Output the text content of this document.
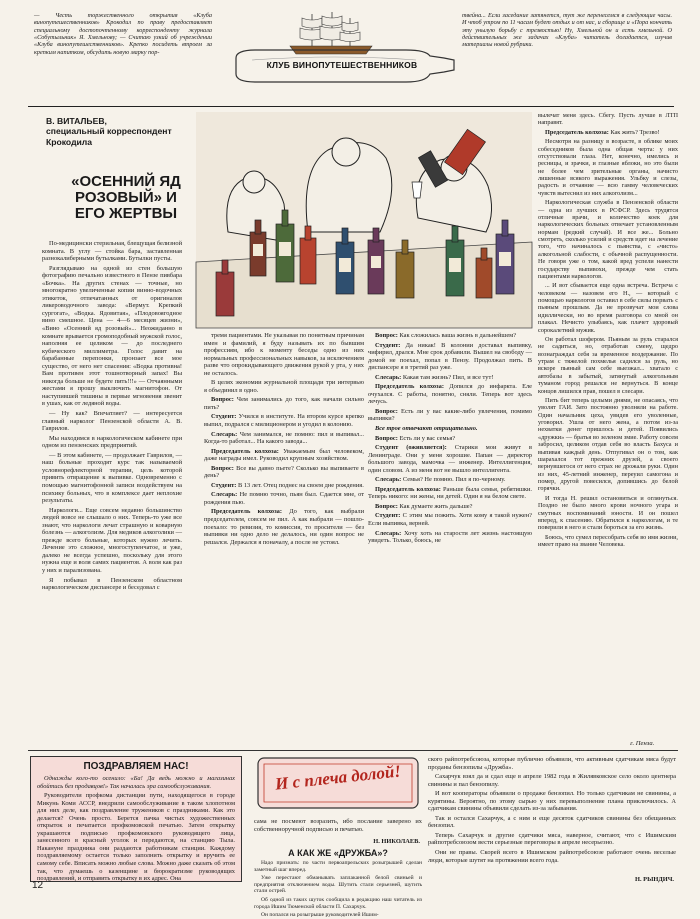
— Честь торжественного открытия «Клуба винопутешественников» Крокодил по праву предоставляет специальному достопочтенному корреспонденту журнала «Собутыльник» Я. Хмельнову; — Считаю узкий об учреждении «Клуба винопутешественников». Крепко посидеть втроем за крепким напитком, обсудить новую марку пор-
КЛУБ ВИНОПУТЕШЕСТВЕННИКОВ
твейна... Если заседание затянется, тут же перенесемся в следующие часы. И чтоб утром по 11 часам будет отдых и от нас, и сборище и «Пора кончать эту унылую борьбу с трезвостью! Ну, Хмельной он и есть хмельной. О действительных же задачах «Клуба» читатель догадается, изучив материалы новой рубрики.
В. ВИТАЛЬЕВ,
специальный корреспондент Крокодила
«ОСЕННИЙ ЯД РОЗОВЫЙ» И ЕГО ЖЕРТВЫ

По-медицински стерильная, блещущая белизной комната. В углу — стойка бара, заставленная разнокалиберными бутылками. Бутылки пусты.

Разглядываю на одной из стен большую фотографию печально известного в Пензе пивбара «Бочка». На других стенах — точные, но многократно увеличенные копии винно-водочных этикеток, отпечатанных от оригиналов ликероводочного завода: «Вермут. Крепкий сургогат», «Водка. Ядовитая», «Плодовоягодное вино смешное. Цена — 4—6 месяцев жизни», «Вино «Осенний яд розовый»... Неожиданно в комнате врывается громоподобный мужской голос, наполняя ее целиком — до последнего кубического миллиметра. Голос давит на барабанные перепонки, пронзает все мое существо, от него нет спасения: «Водка противна! Вам противен этот тошнотворный запах! Вы никогда больше не будете пить!!!» — Отчаянными жестами я прошу выключить магнитофон. От наступившей тишины в первые мгновения звенит в ушах, как от ледяной воды.

— Ну как? Впечатляет? — интересуется главный нарколог Пензенской области А. В. Гаврилов.

Мы находимся в наркологическом кабинете при одном из пензенских предприятий.

— В этом кабинете, — продолжает Гаврилов, — наш больные проходят курс так называемой условнорефлекторной терапии, цель которой привить отвращение к выпивке. Одновременно с помощью магнитофонной записи воздействуем на психику больных, что в комплексе дает неплохие результаты.

Наркологи... Еще совсем недавно большинство людей вовсе не слышало о них. Теперь-то уже все знают, что наркологи лечат страшную и коварную болезнь — алкоголизм. Для медиков алкоголики — прежде всего больные, которых нужно лечить. Лечение это сложное, многоступенчатое, и уже, далеко не всегда успешно, поскольку для этого нужна еще и воля самих пациентов. А воля как раз у них и парализована.

Я побывал в Пензенском областном наркологическом диспансере и беседовал с

тремя пациентами. Не указывая по понятным причинам имен и фамилий, я буду называть их по бывшим профессиям, ибо к моменту беседы одно из них нормальных профессиональных навыков, за исключением разве что опрокидывающего движения рукой у рта, у них не осталось.

В целях экономии журнальной площади три интервью я объединил в одно.

Вопрос: Чем занимались до того, как начали сильно пить?

Студент: Учился в институте. На втором курсе крепко выпил, подрался с милиционером и угодил в колонию.

Слесарь: Чем занимался, не помню: пил и выпивал... Когда-то работал... На какого завода...

Председатель колхоза: Уважаемым был человеком, даже награды имел. Руководил крупным хозяйством.

Вопрос: Все вы давно пьете? Сколько вы выпиваете в день?

Студент: В 13 лет. Отец поднес на своем дне рождения.

Слесарь: Не помню точно, пьян был. Сдается мне, от рождения пью.

Председатель колхоза: До того, как выбрали председателем, совсем не пил. А как выбрали — пошло-поехало: то ревизия, то комиссия, то просители — без выпивки ни одно дело не делалось, ни один вопрос не решался. Держался я поначалу, а после не устоял.

Вопрос: Как сложилась ваша жизнь в дальнейшем?

Студент: Да никак! В колонии доставал выпивку, чифирил, дрался. Мне срок добавили. Вышел на свободу — домой не поехал, попал в Пензу. Продолжал пить. В диспансере я в третий раз уже.

Слесарь: Какая там жизнь? Пил, и все тут!

Председатель колхоза: Допился до инфаркта. Еле очухался. С работы, понятно, сняли. Теперь вот здесь лечусь.

Вопрос: Есть ли у вас какие-либо увлечения, помимо выпивки?

Все трое отвечают отрицательно.

Вопрос: Есть ли у вас семья?

Студент (оживляется): Старики мои живут в Ленинграде. Они у меня хорошие. Папан — директор большого завода, мамочка — инженер. Интеллигенция, один словом. А из меня вот не вышло интеллигента.

Слесарь: Семья? Не помню. Пил я по-черному.

Председатель колхоза: Раньше была семья, ребятишки. Теперь никого: ни жены, ни детей. Один я на белом свете.

Вопрос: Как думаете жить дальше?

Студент: С этим мы пожить. Хотя кому я такой нужен? Если выпивка, верней.

Слесарь: Хочу хоть на старости лет жизнь настоящую увидеть. Только, боюсь, не

вылечат меня здесь. Сбегу. Пусть лучше в ЛТП направят.

Председатель колхоза: Как жить? Трезво!

Несмотря на разницу в возрасте, в облике моих собеседников была одна общая черта: у них отсутствовали глаза. Нет, конечно, имелись и ресницы, и зрачки, и глазные яблоки, но это были не более чем зрительные органы, начисто лишенные всякого выражения. Ульбку и слезы, радость и отчаяние — всю гамму человеческих чувств вытеснил из них алкоголизм...

Наркологическая служба в Пензенской области — одна из лучших в РСФСР. Здесь трудятся отличные врачи, и количество коек для наркологических больных отвечает установленным нормам (редкий случай). И все же... Больно смотреть, сколько усилий и средств идет на лечение того, что начиналось с пьянства, с «чисто» алкогольной слабости, с обычной распущенности. Не говоря уже о том, какой вред успели нанести государству выпивохи, прежде чем стать пациентами наркологов.

... И вот сбывается еще одна встреча. Встреча с человеком — назовем его Н., — который с помощью наркологов оставил в себе силы порвать с пьяным прошлым. Да не прозвучат мои слова идиллически, но во время разговора со мной он плакал. Нечисто улыбаясь, как плачет здоровый сорокалетний мужик.

Он работал шофером. Пьяным за руль старался не садиться, но, отработав смену, щедро вознаграждал себя за временное воздержание. По утрам с тяжелой похмелья садился за руль, но вскоре пьяный сам себе выезжал... хватало с автобазы в забытый, затянутый алкогольным туманом город решался не вернуться. В конце концов лишился прав, пошел в слесари.

Пить бит теперь целыми днями, не опасаясь, что уволят ГАИ. Зато постоянно уволняли на работе. Один начальник цеха, увидев его уволенные, уговорил. Ушла от него жена, а потом из-за нехватки денег пришлось и детей. Появились «дружки» — братья во зеленом змие. Работу совсем забросил, целиком отдав себя во власть Бахуса и выпивая каждый день. Отпугивал он о том, как шарахался тот прежних друзей, а своего вернувшегося от него страх не дрожали руки. Один из них, 45-летний инженер, переуил самогона и помер, другой повесился, допившись до белой горячки.

И тогда Н. решил остановиться и оглянуться. Поздно не было много крови ночного угара и смутных воспоминаний юности. И он пошел вперед, к спасению. Обратился к наркологам, и те поверили в него и стали бороться за его жизнь.

Боюсь, что сумел пересобрать себя во имя жизни, имеет право на звание Человека.

г. Пенза.
ПОЗДРАВЛЯЕМ НАС!

Однажды кого-то осенило: «Ба! Да ведь можно и магазинах обойтись без продавцов!» Так началась эра самообслуживания.

Руководители профкома дистанции пути, находящегося в городе Микунь Коми АССР, внедрили самообслуживание в таком хлопотном для них деле, как поздравление тружеников с праздниками. Как это делается? Очень просто. Берется пачка чистых художественных открыток и печатается профкомовской печатью. Затем открытку украшаются подписью профкомовского руководящего лица, занесенного в красный уголок и передаются, на станцию Тыла. Накануне праздника они раздаются работникам станции. Каждому поздравляемому остается только заполнить открытку и вручить ее самому себе. Вписать можно любые слова. Можно даже сказать об этом так, что думаешь о казенщине и бюрократизме руководящих поздравлений, и отправить открытку в их адрес. Она

И с плеча долой!

сама не посмеют возразить, ибо послание заверено их собственноручной подписью и печатью.

Н. НИКОЛАЕВ.
А КАК ЖЕ «ДРУЖБА»?

Надо признать: по части первоапрельских розыгрышей сделан заметный шаг вперед.

Уже перестают обманывать заплаканной белой свиньей и предприятия отключением воды. Шутить стали серьезней, шутить стали острей.

Об одной из таких шуток сообщила в редакцию наш читатель из города Ишим Тюменской области П. Сахарчук.

Он попался на розыгрыше руководителей Ишим-

ского райпотребсоюза, которые публично объявили, что активным сдатчикам мяса будут проданы бензопилы «Дружба».

Сахарчук взял да и сдал еще в апреле 1982 года в Жилявковское село около центнера свинины и пал бензопилу.

И вот кооператоры объявили о продаже бензопил. Но только сдатчикам не свинины, а курятины. Вероятно, по этому сырью у них перевыполнение плана приключилось. А сдатчикам свинины объявили сделать из-за забывания.

Так и остался Сахарчук, а с ним и еще десяток сдатчиков свинины без обещанных бензопил.

Теперь Сахарчук и другие сдатчики мяса, наверное, считают, что с Ишимским райпотребсоюзом вести серьезные переговоры в апреле несерьезно.

Они не правы. Скорей всего в Ишимском райпотребсоюзе работают очень веселые люди, которые шутят на протяжении всего года.

Н. РЫНДИЧ.
12
